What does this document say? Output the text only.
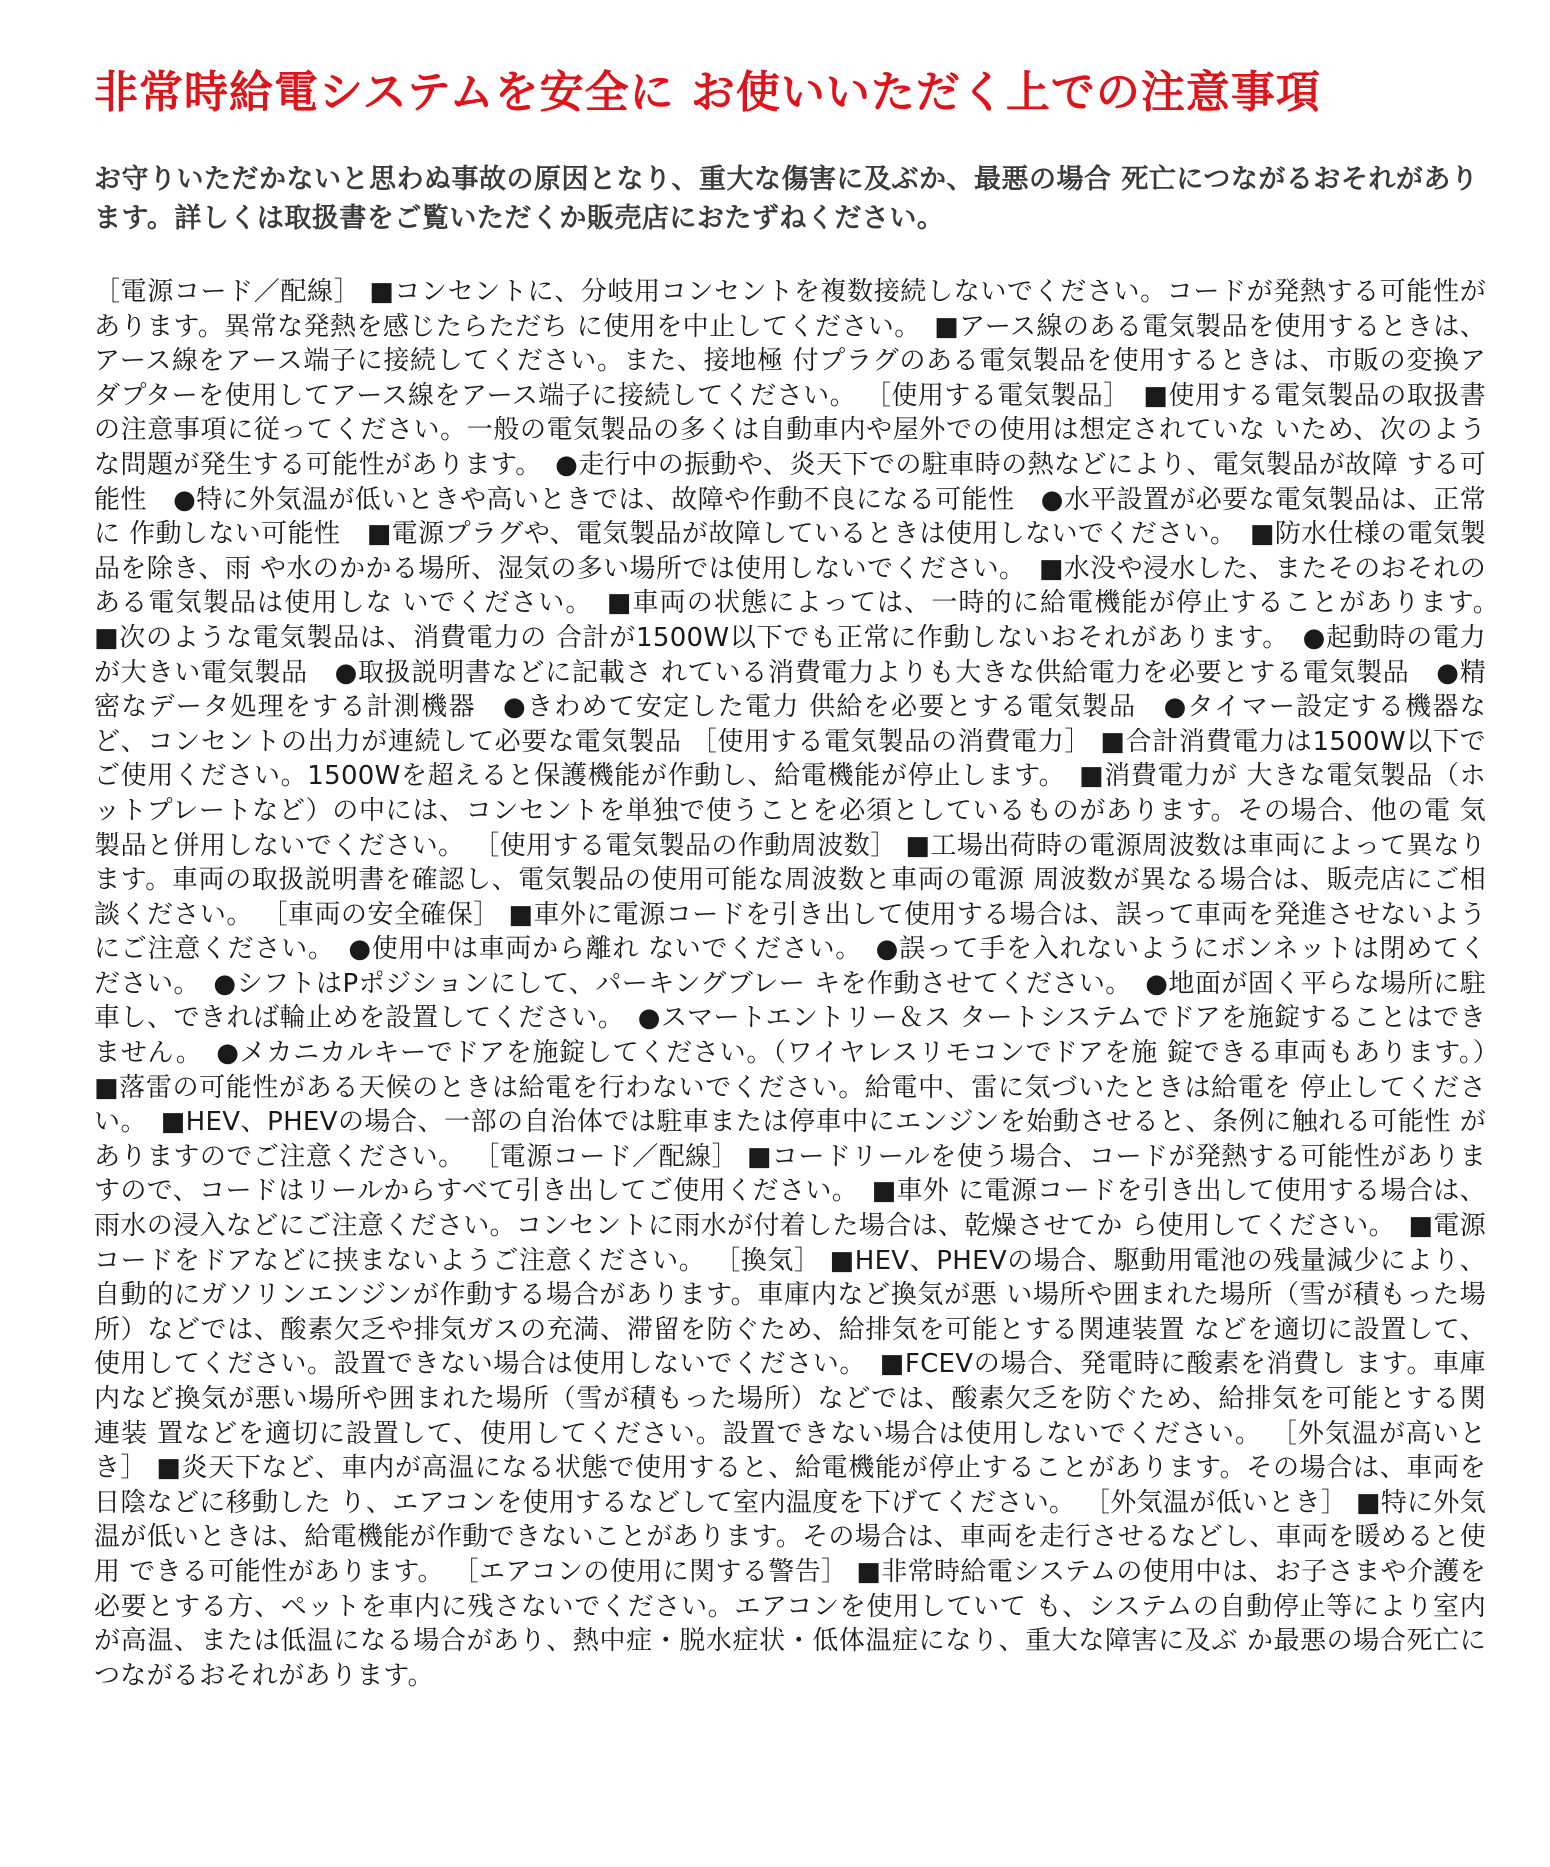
非常時給電システムを安全に お使いいただく上での注意事項

お守りいただかないと思わぬ事故の原因となり、重大な傷害に及ぶか、最悪の場合 死亡につながるおそれがあります。詳しくは取扱書をご覧いただくか販売店におたずねください。

［電源コード／配線］ ■コンセントに、分岐用コンセントを複数接続しないでください。コードが発熱する可能性があります。異常な発熱を感じたらただち に使用を中止してください。　■アース線のある電気製品を使用するときは、アース線をアース端子に接続してください。また、接地極 付プラグのある電気製品を使用するときは、市販の変換アダプターを使用してアース線をアース端子に接続してください。 ［使用する電気製品］　■使用する電気製品の取扱書の注意事項に従ってください。一般の電気製品の多くは自動車内や屋外での使用は想定されていな いため、次のような問題が発生する可能性があります。　●走行中の振動や、炎天下での駐車時の熱などにより、電気製品が故障 する可能性　●特に外気温が低いときや高いときでは、故障や作動不良になる可能性　●水平設置が必要な電気製品は、正常に 作動しない可能性　■電源プラグや、電気製品が故障しているときは使用しないでください。　■防水仕様の電気製品を除き、雨 や水のかかる場所、湿気の多い場所では使用しないでください。　■水没や浸水した、またそのおそれのある電気製品は使用しな いでください。　■車両の状態によっては、一時的に給電機能が停止することがあります。　■次のような電気製品は、消費電力の 合計が1500W以下でも正常に作動しないおそれがあります。　●起動時の電力が大きい電気製品　●取扱説明書などに記載さ れている消費電力よりも大きな供給電力を必要とする電気製品　●精密なデータ処理をする計測機器　●きわめて安定した電力 供給を必要とする電気製品　●タイマー設定する機器など、コンセントの出力が連続して必要な電気製品 ［使用する電気製品の消費電力］ ■合計消費電力は1500W以下でご使用ください。1500Wを超えると保護機能が作動し、給電機能が停止します。　■消費電力が 大きな電気製品（ホットプレートなど）の中には、コンセントを単独で使うことを必須としているものがあります。その場合、他の電 気製品と併用しないでください。 ［使用する電気製品の作動周波数］ ■工場出荷時の電源周波数は車両によって異なります。車両の取扱説明書を確認し、電気製品の使用可能な周波数と車両の電源 周波数が異なる場合は、販売店にご相談ください。 ［車両の安全確保］ ■車外に電源コードを引き出して使用する場合は、誤って車両を発進させないようにご注意ください。　●使用中は車両から離れ ないでください。　●誤って手を入れないようにボンネットは閉めてください。　●シフトはPポジションにして、パーキングブレー キを作動させてください。　●地面が固く平らな場所に駐車し、できれば輪止めを設置してください。　●スマートエントリー＆ス タートシステムでドアを施錠することはできません。　●メカニカルキーでドアを施錠してください。（ワイヤレスリモコンでドアを施 錠できる車両もあります。）　■落雷の可能性がある天候のときは給電を行わないでください。給電中、雷に気づいたときは給電を 停止してください。　■HEV、PHEVの場合、一部の自治体では駐車または停車中にエンジンを始動させると、条例に触れる可能性 がありますのでご注意ください。 ［電源コード／配線］ ■コードリールを使う場合、コードが発熱する可能性がありますので、コードはリールからすべて引き出してご使用ください。　■車外 に電源コードを引き出して使用する場合は、雨水の浸入などにご注意ください。コンセントに雨水が付着した場合は、乾燥させてか ら使用してください。　■電源コードをドアなどに挟まないようご注意ください。 ［換気］ ■HEV、PHEVの場合、駆動用電池の残量減少により、自動的にガソリンエンジンが作動する場合があります。車庫内など換気が悪 い場所や囲まれた場所（雪が積もった場所）などでは、酸素欠乏や排気ガスの充満、滞留を防ぐため、給排気を可能とする関連装置 などを適切に設置して、使用してください。設置できない場合は使用しないでください。　■FCEVの場合、発電時に酸素を消費し ます。車庫内など換気が悪い場所や囲まれた場所（雪が積もった場所）などでは、酸素欠乏を防ぐため、給排気を可能とする関連装 置などを適切に設置して、使用してください。設置できない場合は使用しないでください。 ［外気温が高いとき］ ■炎天下など、車内が高温になる状態で使用すると、給電機能が停止することがあります。その場合は、車両を日陰などに移動した り、エアコンを使用するなどして室内温度を下げてください。 ［外気温が低いとき］ ■特に外気温が低いときは、給電機能が作動できないことがあります。その場合は、車両を走行させるなどし、車両を暖めると使用 できる可能性があります。 ［エアコンの使用に関する警告］ ■非常時給電システムの使用中は、お子さまや介護を必要とする方、ペットを車内に残さないでください。エアコンを使用していて も、システムの自動停止等により室内が高温、または低温になる場合があり、熱中症・脱水症状・低体温症になり、重大な障害に及ぶ か最悪の場合死亡につながるおそれがあります。
